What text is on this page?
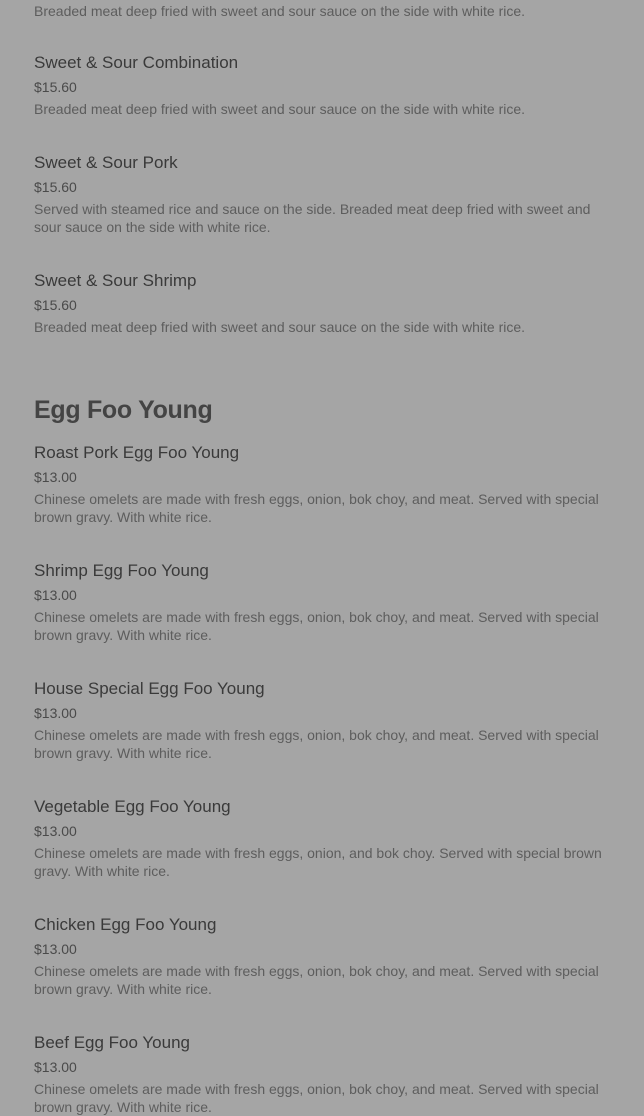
Breaded meat deep fried with sweet and sour sauce on the side with white rice.
Sweet & Sour Combination
$15.60
Breaded meat deep fried with sweet and sour sauce on the side with white rice.
Sweet & Sour Pork
$15.60
Served with steamed rice and sauce on the side. Breaded meat deep fried with sweet and sour sauce on the side with white rice.
Sweet & Sour Shrimp
$15.60
Breaded meat deep fried with sweet and sour sauce on the side with white rice.
Egg Foo Young
Roast Pork Egg Foo Young
$13.00
Chinese omelets are made with fresh eggs, onion, bok choy, and meat. Served with special brown gravy. With white rice.
Shrimp Egg Foo Young
$13.00
Chinese omelets are made with fresh eggs, onion, bok choy, and meat. Served with special brown gravy. With white rice.
House Special Egg Foo Young
$13.00
Chinese omelets are made with fresh eggs, onion, bok choy, and meat. Served with special brown gravy. With white rice.
Vegetable Egg Foo Young
$13.00
Chinese omelets are made with fresh eggs, onion, and bok choy. Served with special brown gravy. With white rice.
Chicken Egg Foo Young
$13.00
Chinese omelets are made with fresh eggs, onion, bok choy, and meat. Served with special brown gravy. With white rice.
Beef Egg Foo Young
$13.00
Chinese omelets are made with fresh eggs, onion, bok choy, and meat. Served with special brown gravy. With white rice.
